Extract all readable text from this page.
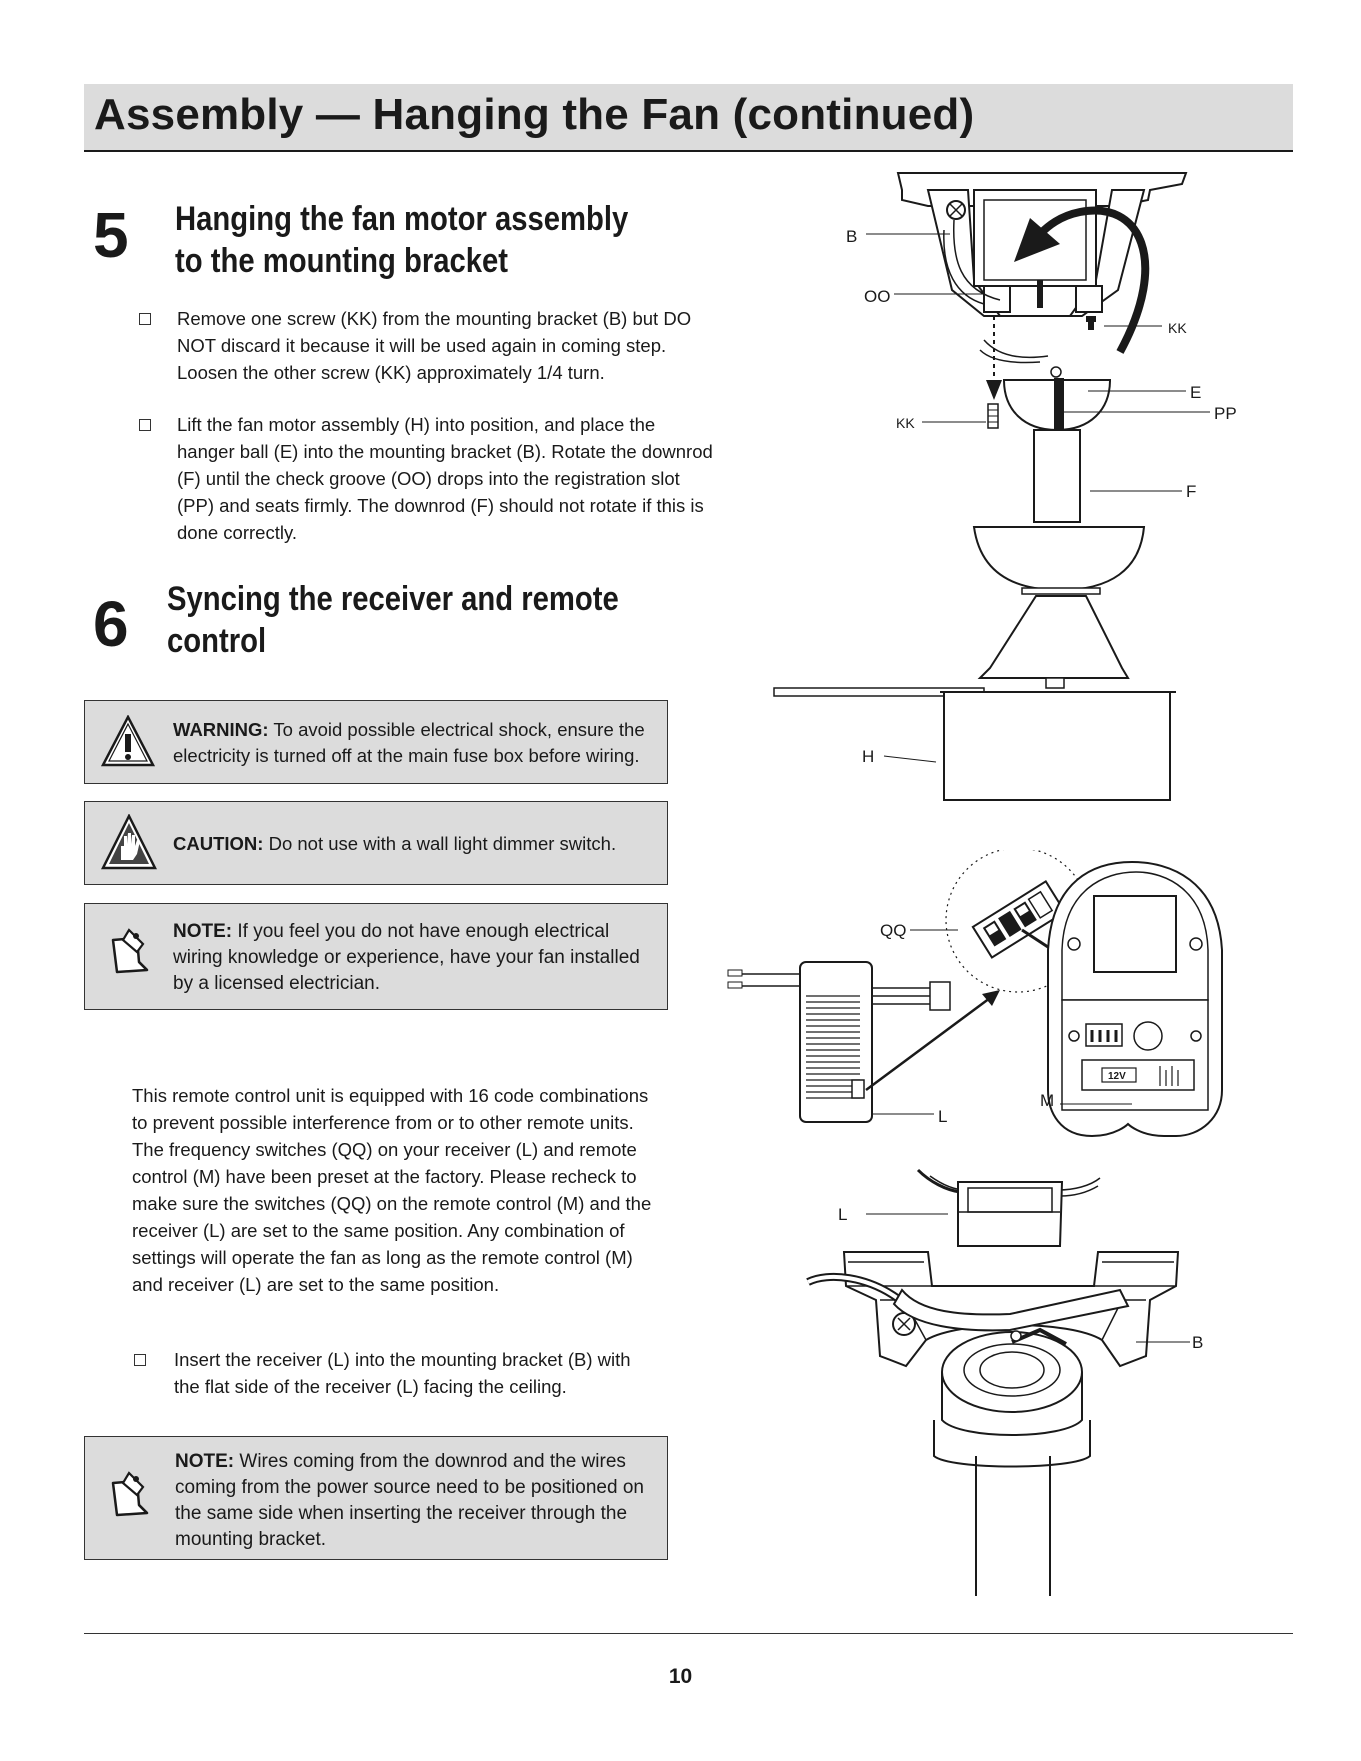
Assembly — Hanging the Fan (continued)
5 Hanging the fan motor assembly
to the mounting bracket
Remove one screw (KK) from the mounting bracket (B) but DO NOT discard it because it will be used again in coming step. Loosen the other screw (KK) approximately 1/4 turn.
Lift the fan motor assembly (H) into position, and place the hanger ball (E) into the mounting bracket (B). Rotate the downrod (F) until the check groove (OO) drops into the registration slot (PP) and seats firmly. The downrod (F) should not rotate if this is done correctly.
6 Syncing the receiver and remote
control
WARNING: To avoid possible electrical shock, ensure the electricity is turned off at the main fuse box before wiring.
CAUTION: Do not use with a wall light dimmer switch.
NOTE: If you feel you do not have enough electrical wiring knowledge or experience, have your fan installed by a licensed electrician.
This remote control unit is equipped with 16 code combinations to prevent possible interference from or to other remote units. The frequency switches (QQ) on your receiver (L) and remote control (M) have been preset at the factory. Please recheck to make sure the switches (QQ) on the remote control (M) and the receiver (L) are set to the same position. Any combination of settings will operate the fan as long as the remote control (M) and receiver (L) are set to the same position.
Insert the receiver (L) into the mounting bracket (B) with the flat side of the receiver (L) facing the ceiling.
NOTE: Wires coming from the downrod and the wires coming from the power source need to be positioned on the same side when inserting the receiver through the mounting bracket.
B
OO
KK
E
PP
KK
F
H
12V
QQ
L
M
L
B
10
